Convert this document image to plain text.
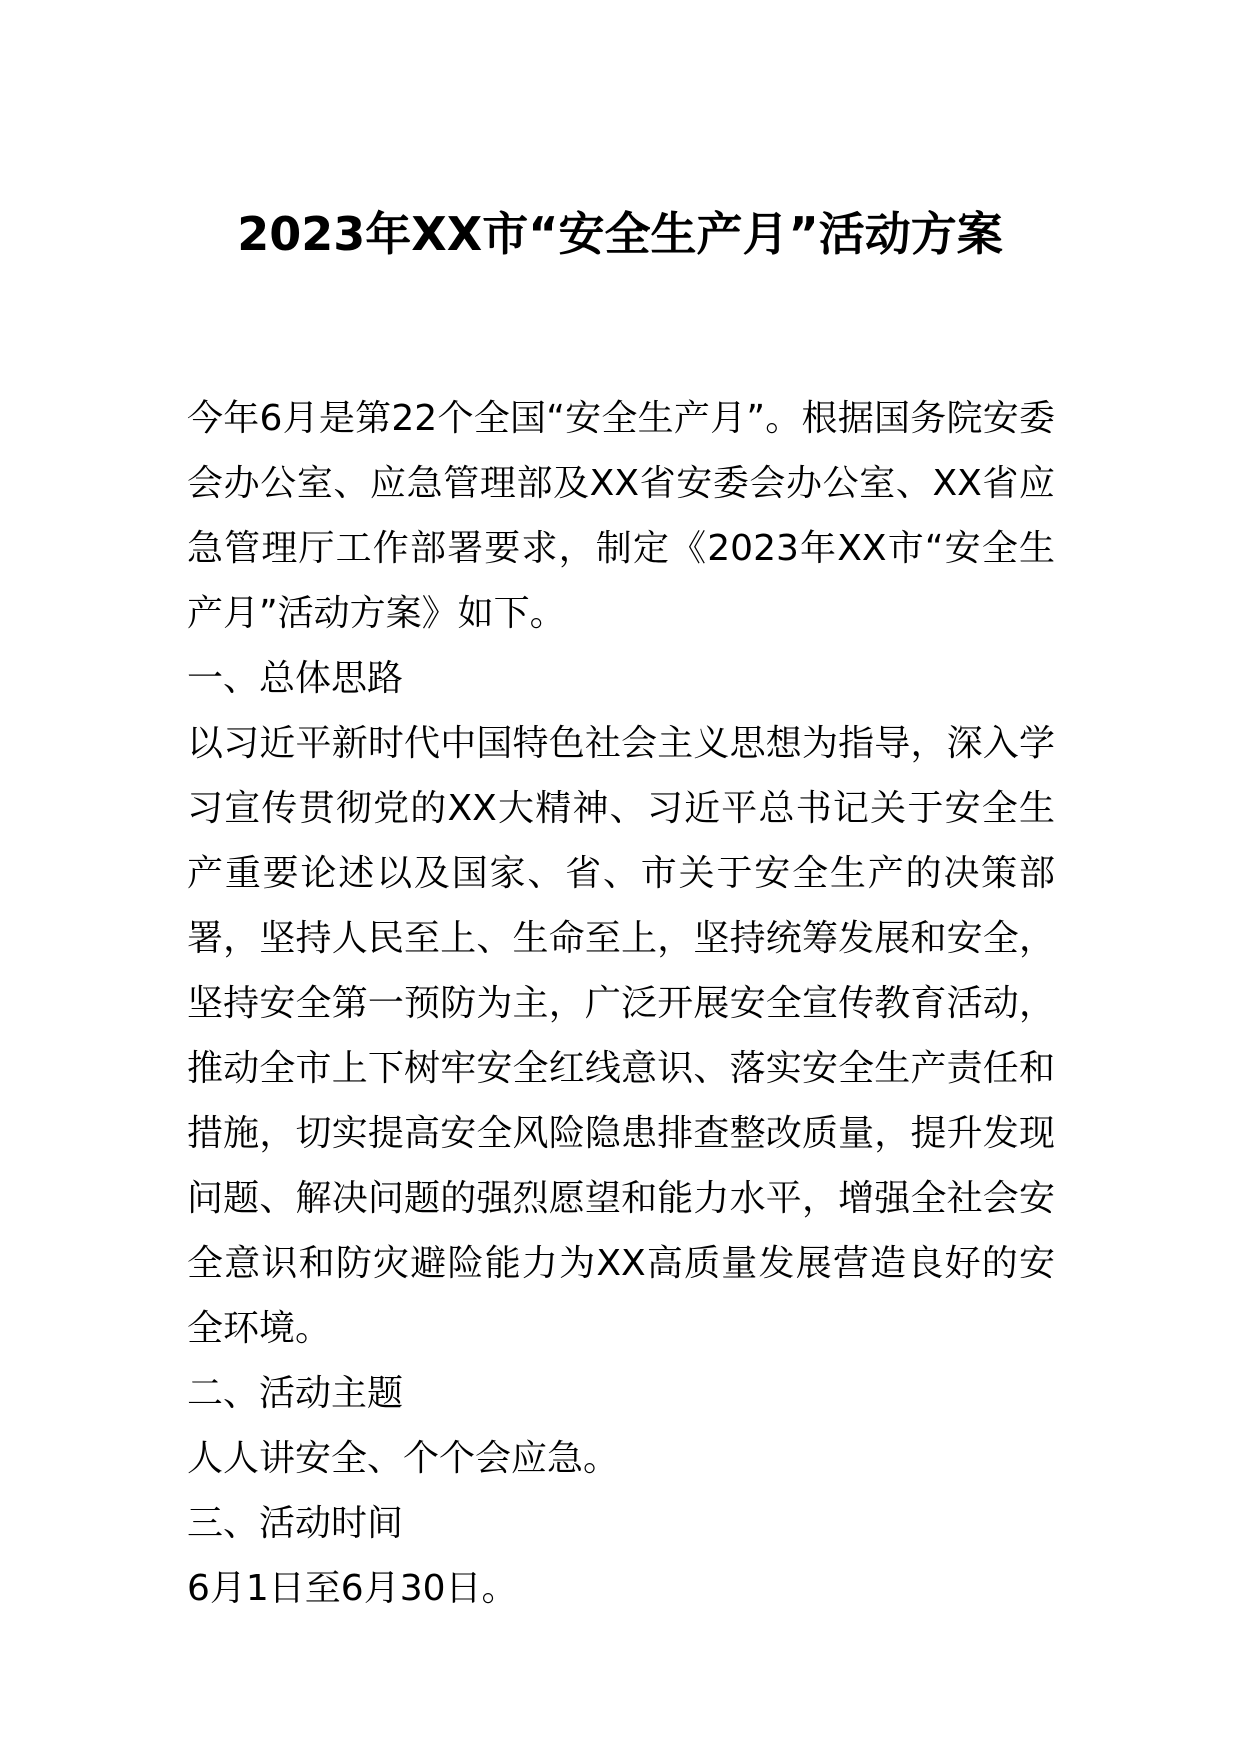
2023年XX市“安全生产月”活动方案

今年6月是第22个全国“安全生产月”。根据国务院安委会办公室、应急管理部及XX省安委会办公室、XX省应急管理厅工作部署要求，制定《2023年XX市“安全生产月”活动方案》如下。

一、总体思路

以习近平新时代中国特色社会主义思想为指导，深入学习宣传贯彻党的XX大精神、习近平总书记关于安全生产重要论述以及国家、省、市关于安全生产的决策部署，坚持人民至上、生命至上，坚持统筹发展和安全，坚持安全第一预防为主，广泛开展安全宣传教育活动，推动全市上下树牢安全红线意识、落实安全生产责任和措施，切实提高安全风险隐患排查整改质量，提升发现问题、解决问题的强烈愿望和能力水平，增强全社会安全意识和防灾避险能力为XX高质量发展营造良好的安全环境。

二、活动主题

人人讲安全、个个会应急。

三、活动时间

6月1日至6月30日。
